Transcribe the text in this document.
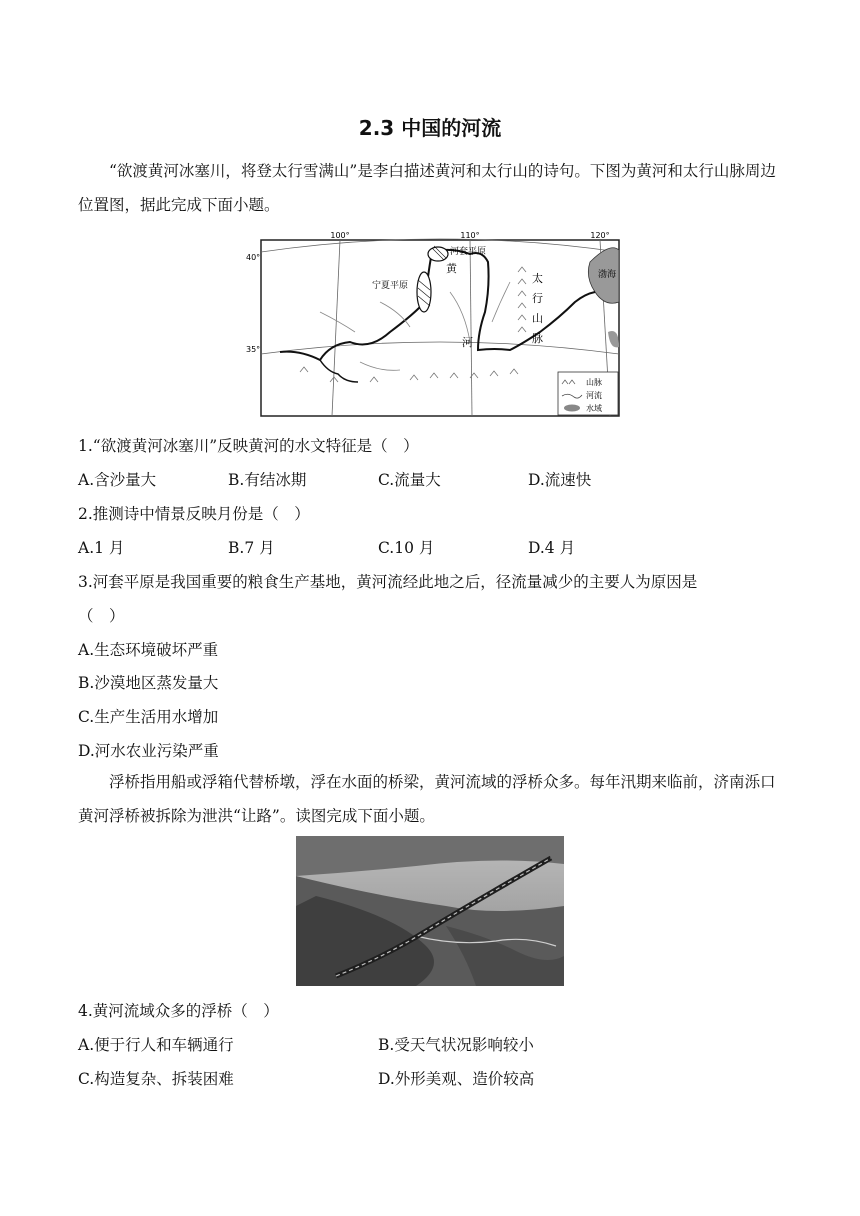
2.3 中国的河流

“欲渡黄河冰塞川，将登太行雪满山”是李白描述黄河和太行山的诗句。下图为黄河和太行山脉周边位置图，据此完成下面小题。

100°	110°	120°
40°
35°
河套平原
宁夏平原
黄
河
太
行
山
脉
渤海
山脉
河流
水域
1.“欲渡黄河冰塞川”反映黄河的水文特征是（　）
A.含沙量大	B.有结冰期	C.流量大	D.流速快
2.推测诗中情景反映月份是（　）
A.1 月	B.7 月	C.10 月	D.4 月
3.河套平原是我国重要的粮食生产基地，黄河流经此地之后，径流量减少的主要人为原因是
（　）
A.生态环境破坏严重
B.沙漠地区蒸发量大
C.生产生活用水增加
D.河水农业污染严重

浮桥指用船或浮箱代替桥墩，浮在水面的桥梁，黄河流域的浮桥众多。每年汛期来临前，济南泺口黄河浮桥被拆除为泄洪“让路”。读图完成下面小题。

4.黄河流域众多的浮桥（　）
A.便于行人和车辆通行	B.受天气状况影响较小
C.构造复杂、拆装困难	D.外形美观、造价较高
